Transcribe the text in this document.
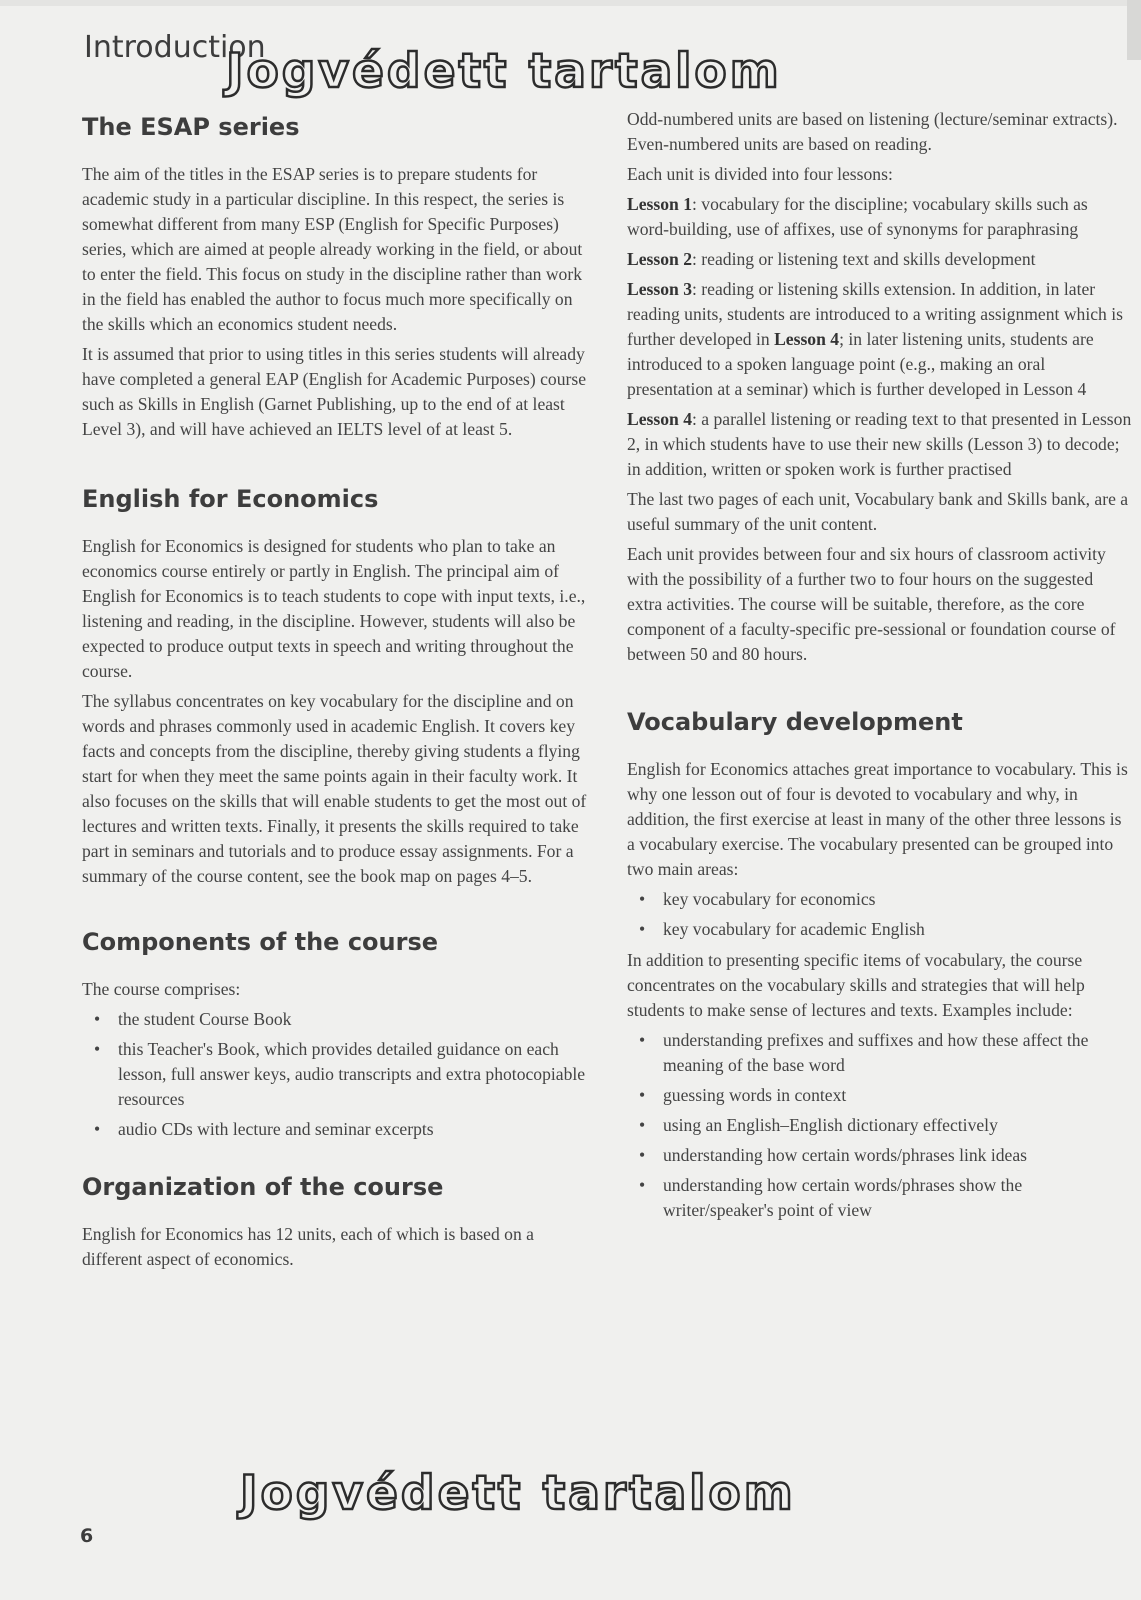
Introduction
Jogvédett tartalom
The ESAP series

The aim of the titles in the ESAP series is to prepare students for academic study in a particular discipline. In this respect, the series is somewhat different from many ESP (English for Specific Purposes) series, which are aimed at people already working in the field, or about to enter the field. This focus on study in the discipline rather than work in the field has enabled the author to focus much more specifically on the skills which an economics student needs.

It is assumed that prior to using titles in this series students will already have completed a general EAP (English for Academic Purposes) course such as Skills in English (Garnet Publishing, up to the end of at least Level 3), and will have achieved an IELTS level of at least 5.

English for Economics

English for Economics is designed for students who plan to take an economics course entirely or partly in English. The principal aim of English for Economics is to teach students to cope with input texts, i.e., listening and reading, in the discipline. However, students will also be expected to produce output texts in speech and writing throughout the course.

The syllabus concentrates on key vocabulary for the discipline and on words and phrases commonly used in academic English. It covers key facts and concepts from the discipline, thereby giving students a flying start for when they meet the same points again in their faculty work. It also focuses on the skills that will enable students to get the most out of lectures and written texts. Finally, it presents the skills required to take part in seminars and tutorials and to produce essay assignments. For a summary of the course content, see the book map on pages 4–5.

Components of the course

The course comprises:

• the student Course Book
• this Teacher's Book, which provides detailed guidance on each lesson, full answer keys, audio transcripts and extra photocopiable resources
• audio CDs with lecture and seminar excerpts
Organization of the course

English for Economics has 12 units, each of which is based on a different aspect of economics.

Odd-numbered units are based on listening (lecture/seminar extracts). Even-numbered units are based on reading.

Each unit is divided into four lessons:

Lesson 1: vocabulary for the discipline; vocabulary skills such as word-building, use of affixes, use of synonyms for paraphrasing

Lesson 2: reading or listening text and skills development

Lesson 3: reading or listening skills extension. In addition, in later reading units, students are introduced to a writing assignment which is further developed in Lesson 4; in later listening units, students are introduced to a spoken language point (e.g., making an oral presentation at a seminar) which is further developed in Lesson 4

Lesson 4: a parallel listening or reading text to that presented in Lesson 2, in which students have to use their new skills (Lesson 3) to decode; in addition, written or spoken work is further practised

The last two pages of each unit, Vocabulary bank and Skills bank, are a useful summary of the unit content.

Each unit provides between four and six hours of classroom activity with the possibility of a further two to four hours on the suggested extra activities. The course will be suitable, therefore, as the core component of a faculty-specific pre-sessional or foundation course of between 50 and 80 hours.

Vocabulary development

English for Economics attaches great importance to vocabulary. This is why one lesson out of four is devoted to vocabulary and why, in addition, the first exercise at least in many of the other three lessons is a vocabulary exercise. The vocabulary presented can be grouped into two main areas:

• key vocabulary for economics
• key vocabulary for academic English

In addition to presenting specific items of vocabulary, the course concentrates on the vocabulary skills and strategies that will help students to make sense of lectures and texts. Examples include:

• understanding prefixes and suffixes and how these affect the meaning of the base word
• guessing words in context
• using an English–English dictionary effectively
• understanding how certain words/phrases link ideas
• understanding how certain words/phrases show the writer/speaker's point of view
Jogvédett tartalom
6
